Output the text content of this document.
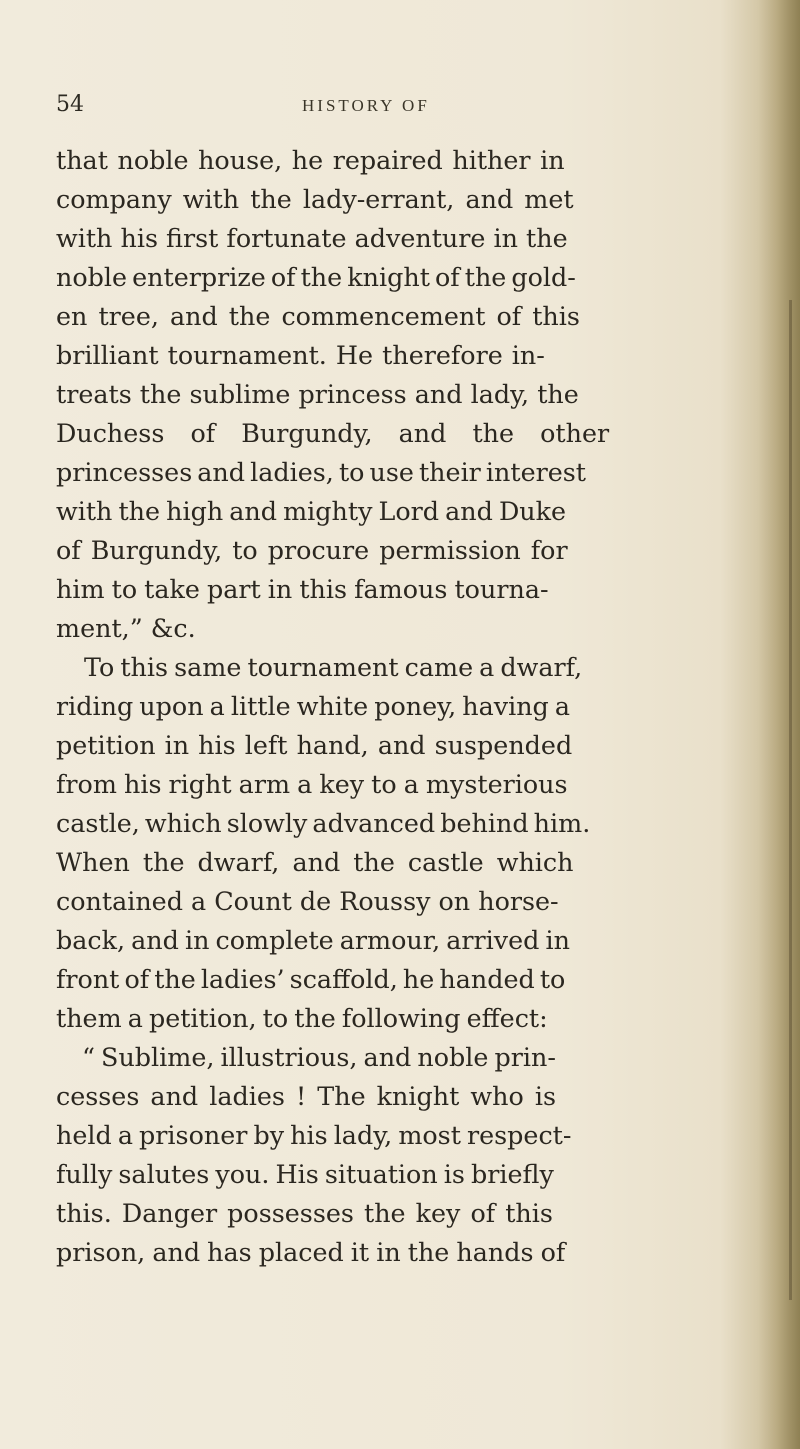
54	HISTORY OF
that noble house, he repaired hither in
company with the lady-errant, and met
with his first fortunate adventure in the
noble enterprize of the knight of the gold-
en tree, and the commencement of this
brilliant tournament. He therefore in-
treats the sublime princess and lady, the
Duchess of Burgundy, and the other
princesses and ladies, to use their interest
with the high and mighty Lord and Duke
of Burgundy, to procure permission for
him to take part in this famous tourna-
ment,” &c.
To this same tournament came a dwarf,
riding upon a little white poney, having a
petition in his left hand, and suspended
from his right arm a key to a mysterious
castle, which slowly advanced behind him.
When the dwarf, and the castle which
contained a Count de Roussy on horse-
back, and in complete armour, arrived in
front of the ladies’ scaffold, he handed to
them a petition, to the following effect:
“ Sublime, illustrious, and noble prin-
cesses and ladies ! The knight who is
held a prisoner by his lady, most respect-
fully salutes you. His situation is briefly
this. Danger possesses the key of this
prison, and has placed it in the hands of
